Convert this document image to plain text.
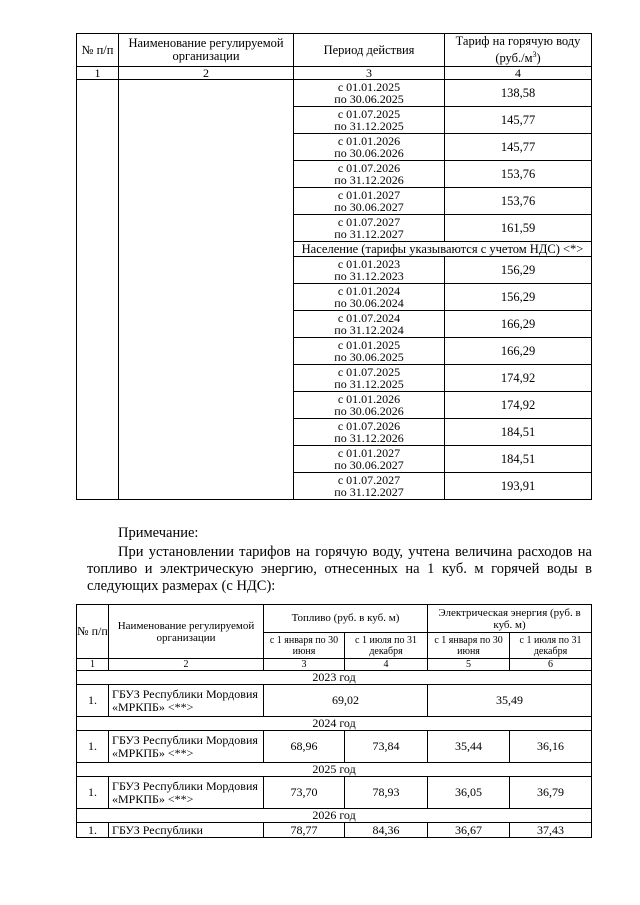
№ п/п	Наименование регулируемой организации	Период действия	Тариф на горячую воду $(руб./м^3)$
1	2	3	4

		с 01.01.2025
по 30.06.2025	138,58

		с 01.07.2025
по 31.12.2025	145,77

		с 01.01.2026
по 30.06.2026	145,77

		с 01.07.2026
по 31.12.2026	153,76

		с 01.01.2027
по 30.06.2027	153,76

		с 01.07.2027
по 31.12.2027	161,59
		Население (тарифы указываются с учетом НДС) <*>	

		с 01.01.2023
по 31.12.2023	156,29

		с 01.01.2024
по 30.06.2024	156,29

		с 01.07.2024
по 31.12.2024	166,29

		с 01.01.2025
по 30.06.2025	166,29

		с 01.07.2025
по 31.12.2025	174,92

		с 01.01.2026
по 30.06.2026	174,92

		с 01.07.2026
по 31.12.2026	184,51

		с 01.01.2027
по 30.06.2027	184,51

		с 01.07.2027
по 31.12.2027	193,91
Примечание:
При установлении тарифов на горячую воду, учтена величина расходов на топливо и электрическую энергию, отнесенных на 1 куб. м горячей воды в следующих размерах (с НДС):
№ п/п	Наименование регулируемой организации	Топливо (руб. в куб. м)		Электрическая энергия (руб. в куб. м)	
		с 1 января по 30 июня	с 1 июля по 31 декабря	с 1 января по 30 июня	с 1 июля по 31 декабря
1	2	3	4	5	6
2023 год					
1.	ГБУЗ Республики Мордовия «МРКПБ» <**>	69,02		35,49	
2024 год					
1.	ГБУЗ Республики Мордовия «МРКПБ» <**>	68,96	73,84	35,44	36,16
2025 год					
1.	ГБУЗ Республики Мордовия «МРКПБ» <**>	73,70	78,93	36,05	36,79
2026 год					
1.	ГБУЗ Республики	78,77	84,36	36,67	37,43
